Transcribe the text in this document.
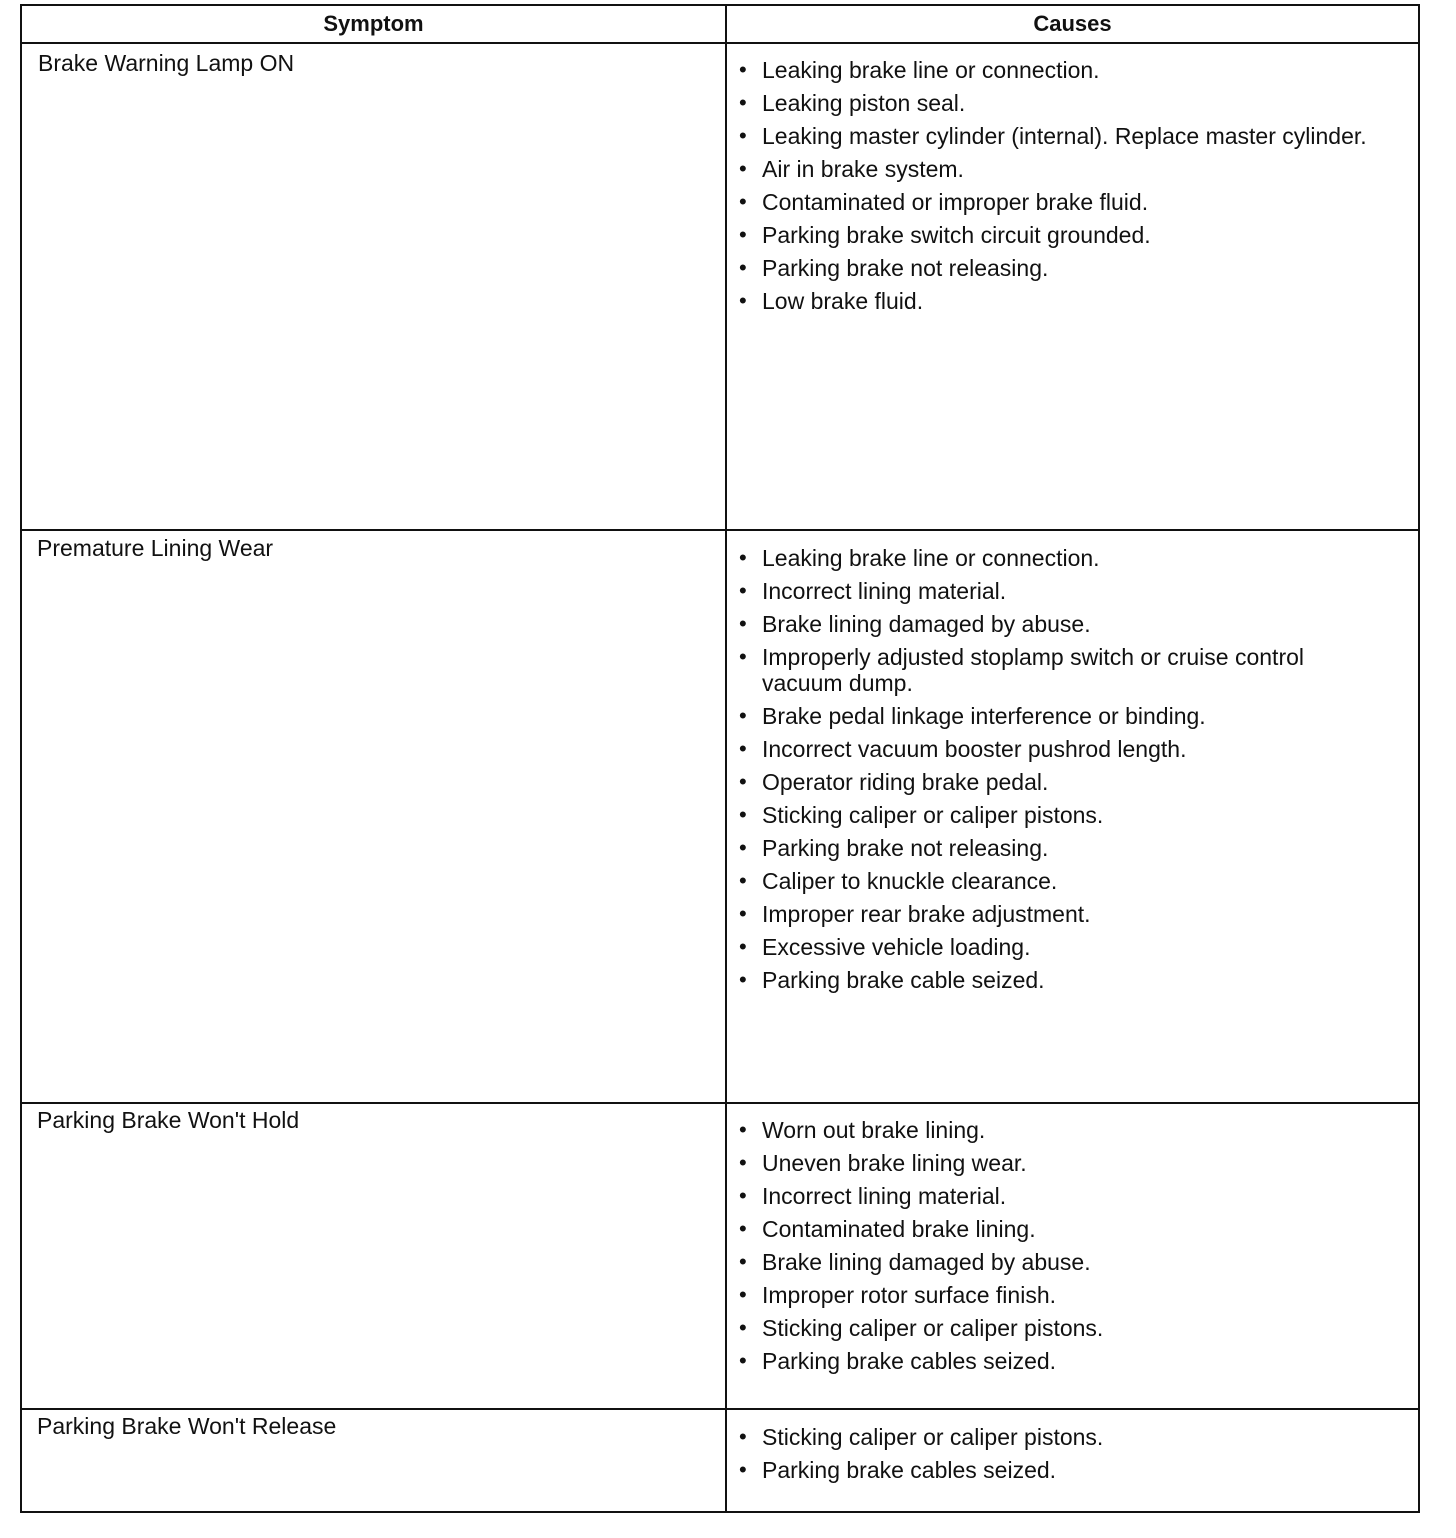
Symptom	Causes
Brake Warning Lamp ON	• Leaking brake line or connection.
• Leaking piston seal.
• Leaking master cylinder (internal). Replace master cylinder.
• Air in brake system.
• Contaminated or improper brake fluid.
• Parking brake switch circuit grounded.
• Parking brake not releasing.
• Low brake fluid.
Premature Lining Wear	• Leaking brake line or connection.
• Incorrect lining material.
• Brake lining damaged by abuse.
• Improperly adjusted stoplamp switch or cruise control vacuum dump.
• Brake pedal linkage interference or binding.
• Incorrect vacuum booster pushrod length.
• Operator riding brake pedal.
• Sticking caliper or caliper pistons.
• Parking brake not releasing.
• Caliper to knuckle clearance.
• Improper rear brake adjustment.
• Excessive vehicle loading.
• Parking brake cable seized.
Parking Brake Won't Hold	• Worn out brake lining.
• Uneven brake lining wear.
• Incorrect lining material.
• Contaminated brake lining.
• Brake lining damaged by abuse.
• Improper rotor surface finish.
• Sticking caliper or caliper pistons.
• Parking brake cables seized.
Parking Brake Won't Release	• Sticking caliper or caliper pistons.
• Parking brake cables seized.
